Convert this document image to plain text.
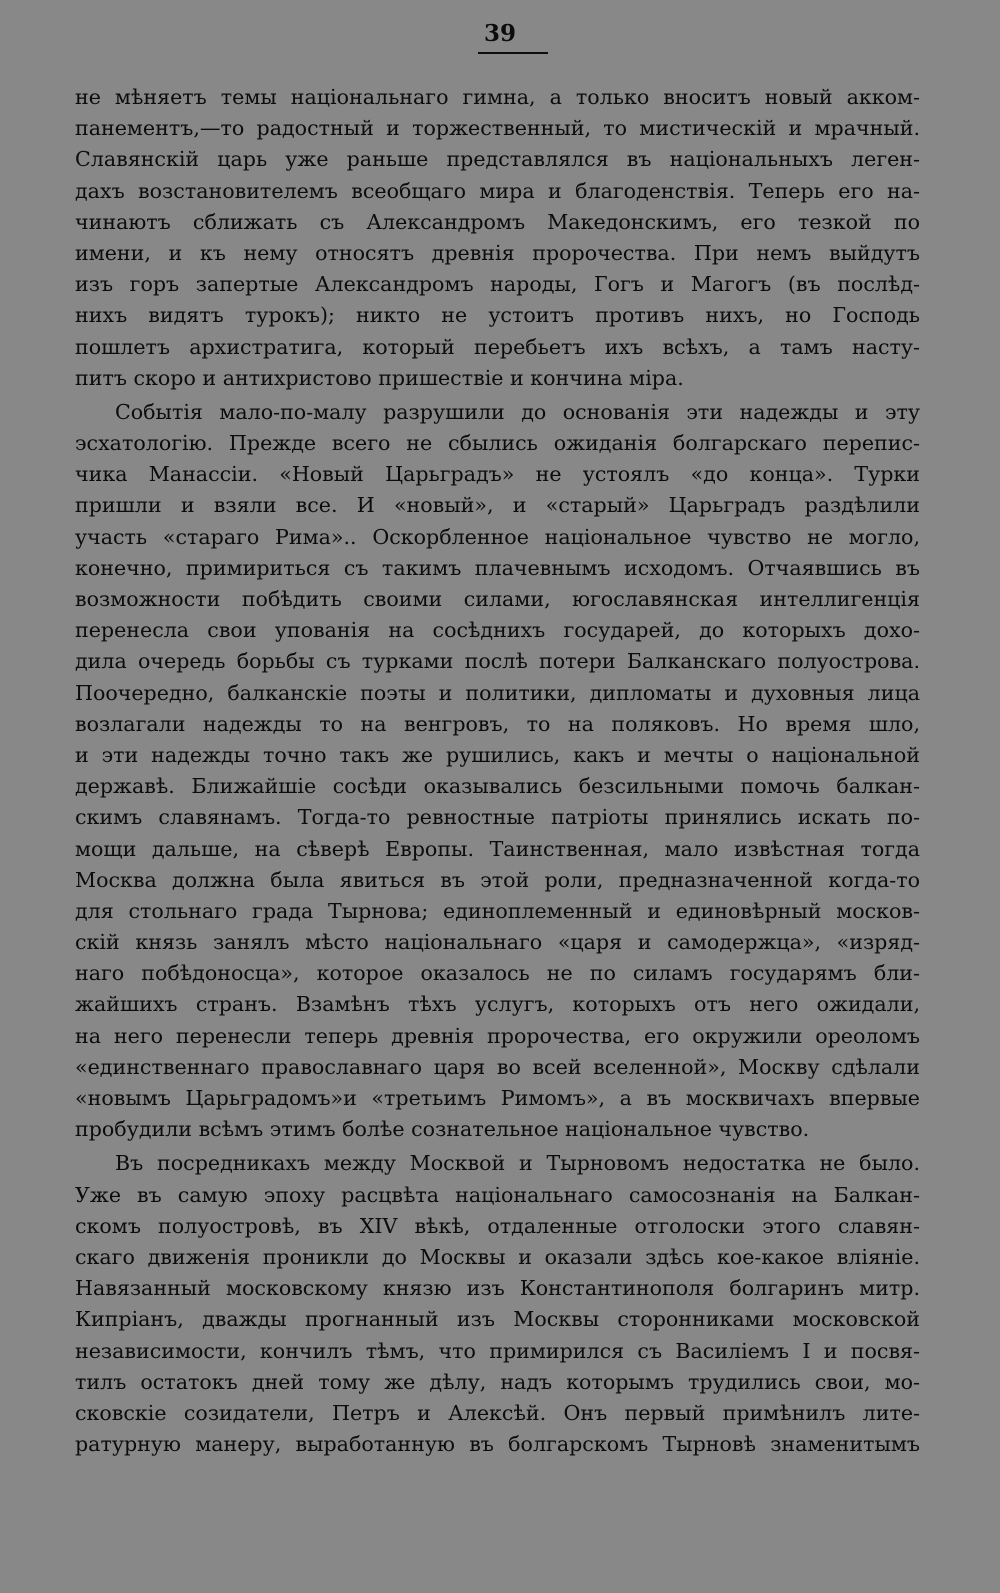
39
не мѣняетъ темы національнаго гимна, а только вноситъ новый акком-
панементъ,—то радостный и торжественный, то мистическій и мрачный.
Славянскій царь уже раньше представлялся въ національныхъ леген-
дахъ возстановителемъ всеобщаго мира и благоденствія. Теперь его на-
чинаютъ сближать съ Александромъ Македонскимъ, его тезкой по
имени, и къ нему относятъ древнія пророчества. При немъ выйдутъ
изъ горъ запертые Александромъ народы, Гогъ и Магогъ (въ послѣд-
нихъ видятъ турокъ); никто не устоитъ противъ нихъ, но Господь
пошлетъ архистратига, который перебьетъ ихъ всѣхъ, а тамъ насту-
питъ скоро и антихристово пришествіе и кончина міра.
Событія мало-по-малу разрушили до основанія эти надежды и эту
эсхатологію. Прежде всего не сбылись ожиданія болгарскаго перепис-
чика Манассіи. «Новый Царьградъ» не устоялъ «до конца». Турки
пришли и взяли все. И «новый», и «старый» Царьградъ раздѣлили
участь «стараго Рима».. Оскорбленное національное чувство не могло,
конечно, примириться съ такимъ плачевнымъ исходомъ. Отчаявшись въ
возможности побѣдить своими силами, югославянская интеллигенція
перенесла свои упованія на сосѣднихъ государей, до которыхъ дохо-
дила очередь борьбы съ турками послѣ потери Балканскаго полуострова.
Поочередно, балканскіе поэты и политики, дипломаты и духовныя лица
возлагали надежды то на венгровъ, то на поляковъ. Но время шло,
и эти надежды точно такъ же рушились, какъ и мечты о національной
державѣ. Ближайшіе сосѣди оказывались безсильными помочь балкан-
скимъ славянамъ. Тогда-то ревностные патріоты принялись искать по-
мощи дальше, на сѣверѣ Европы. Таинственная, мало извѣстная тогда
Москва должна была явиться въ этой роли, предназначенной когда-то
для стольнаго града Тырнова; единоплеменный и единовѣрный москов-
скій князь занялъ мѣсто національнаго «царя и самодержца», «изряд-
наго побѣдоносца», которое оказалось не по силамъ государямъ бли-
жайшихъ странъ. Взамѣнъ тѣхъ услугъ, которыхъ отъ него ожидали,
на него перенесли теперь древнія пророчества, его окружили ореоломъ
«единственнаго православнаго царя во всей вселенной», Москву сдѣлали
«новымъ Царьградомъ»и «третьимъ Римомъ», а въ москвичахъ впервые
пробудили всѣмъ этимъ болѣе сознательное національное чувство.
Въ посредникахъ между Москвой и Тырновомъ недостатка не было.
Уже въ самую эпоху расцвѣта національнаго самосознанія на Балкан-
скомъ полуостровѣ, въ XIV вѣкѣ, отдаленные отголоски этого славян-
скаго движенія проникли до Москвы и оказали здѣсь кое-какое вліяніе.
Навязанный московскому князю изъ Константинополя болгаринъ митр.
Кипріанъ, дважды прогнанный изъ Москвы сторонниками московской
независимости, кончилъ тѣмъ, что примирился съ Василіемъ I и посвя-
тилъ остатокъ дней тому же дѣлу, надъ которымъ трудились свои, мо-
сковскіе созидатели, Петръ и Алексѣй. Онъ первый примѣнилъ литe-
ратурную манеру, выработанную въ болгарскомъ Тырновѣ знаменитымъ
